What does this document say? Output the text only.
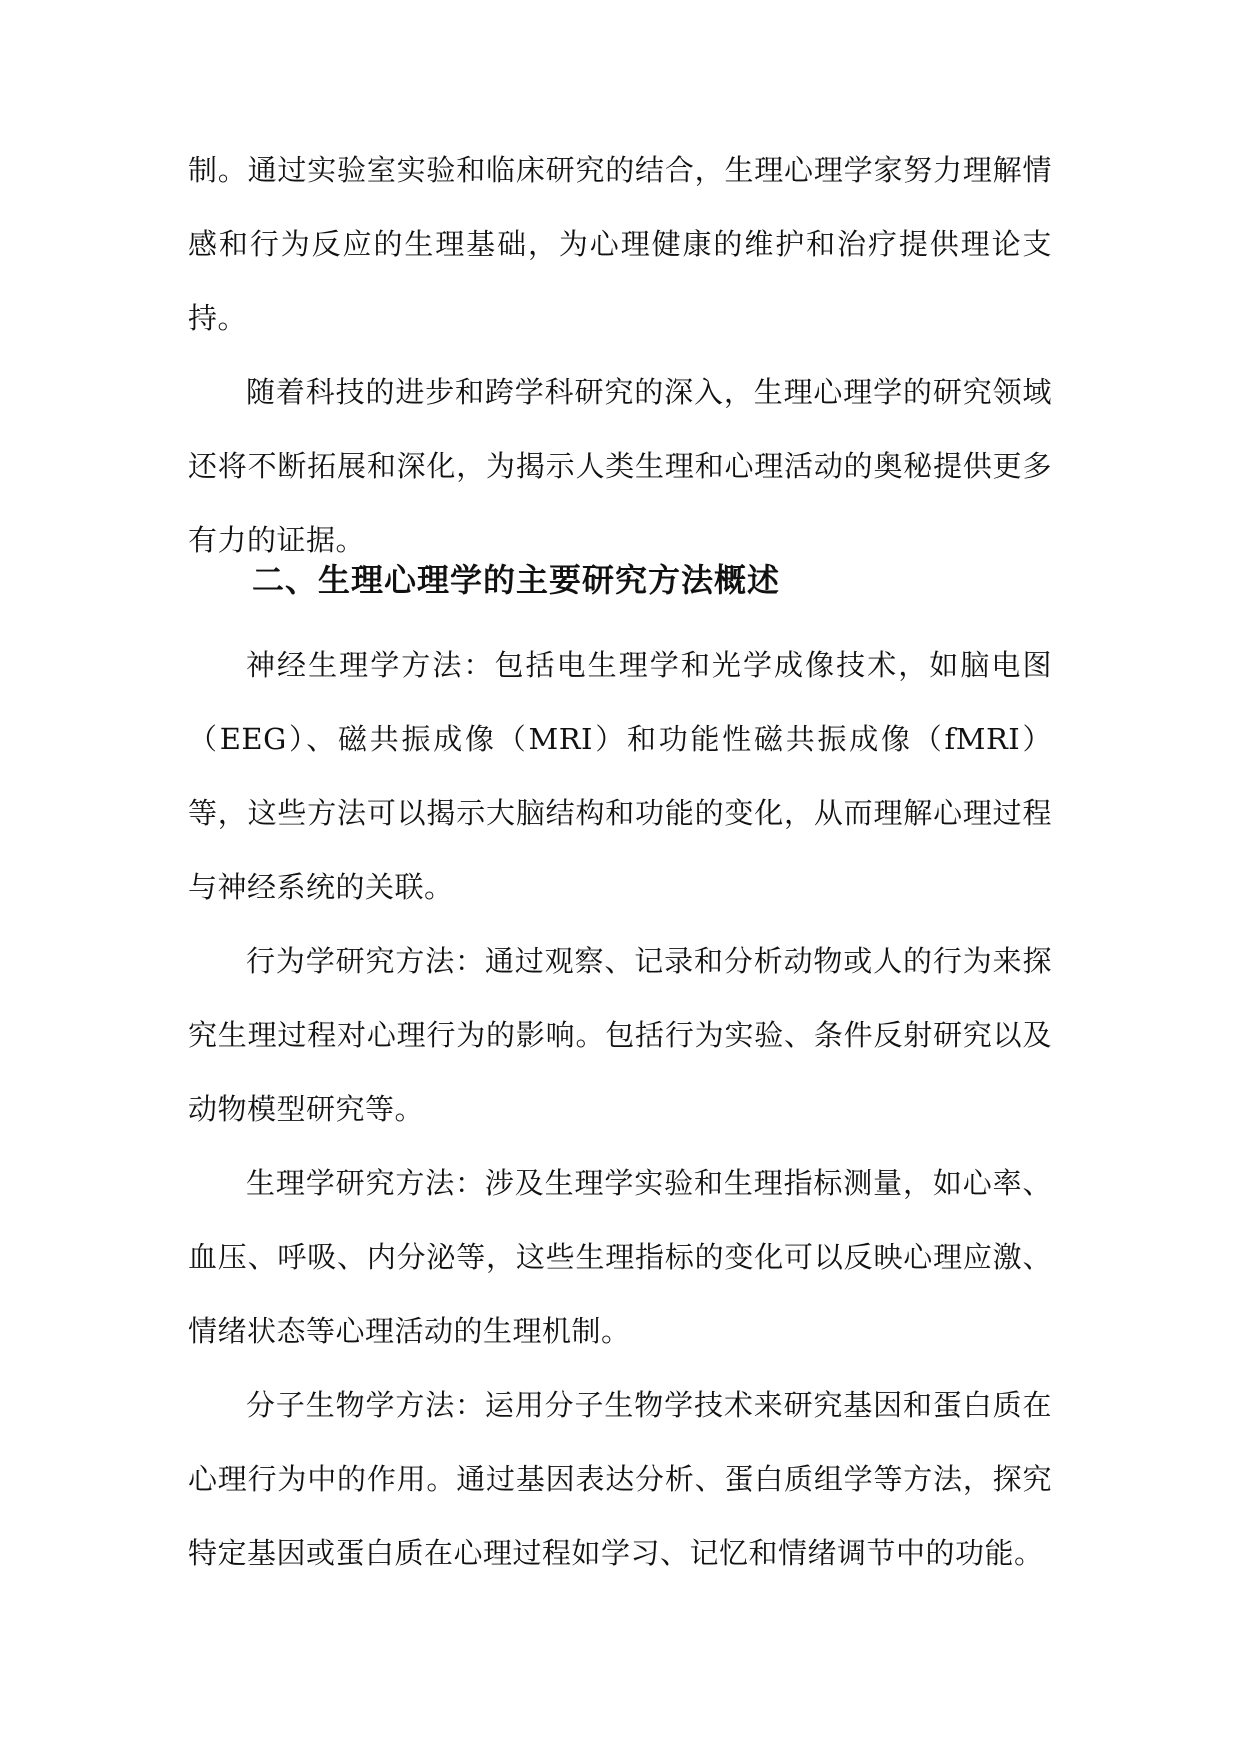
制。通过实验室实验和临床研究的结合，生理心理学家努力理解情感和行为反应的生理基础，为心理健康的维护和治疗提供理论支持。

随着科技的进步和跨学科研究的深入，生理心理学的研究领域还将不断拓展和深化，为揭示人类生理和心理活动的奥秘提供更多有力的证据。

二、生理心理学的主要研究方法概述

神经生理学方法：包括电生理学和光学成像技术，如脑电图（EEG）、磁共振成像（MRI）和功能性磁共振成像（fMRI）等，这些方法可以揭示大脑结构和功能的变化，从而理解心理过程与神经系统的关联。

行为学研究方法：通过观察、记录和分析动物或人的行为来探究生理过程对心理行为的影响。包括行为实验、条件反射研究以及动物模型研究等。

生理学研究方法：涉及生理学实验和生理指标测量，如心率、血压、呼吸、内分泌等，这些生理指标的变化可以反映心理应激、情绪状态等心理活动的生理机制。

分子生物学方法：运用分子生物学技术来研究基因和蛋白质在心理行为中的作用。通过基因表达分析、蛋白质组学等方法，探究特定基因或蛋白质在心理过程如学习、记忆和情绪调节中的功能。
